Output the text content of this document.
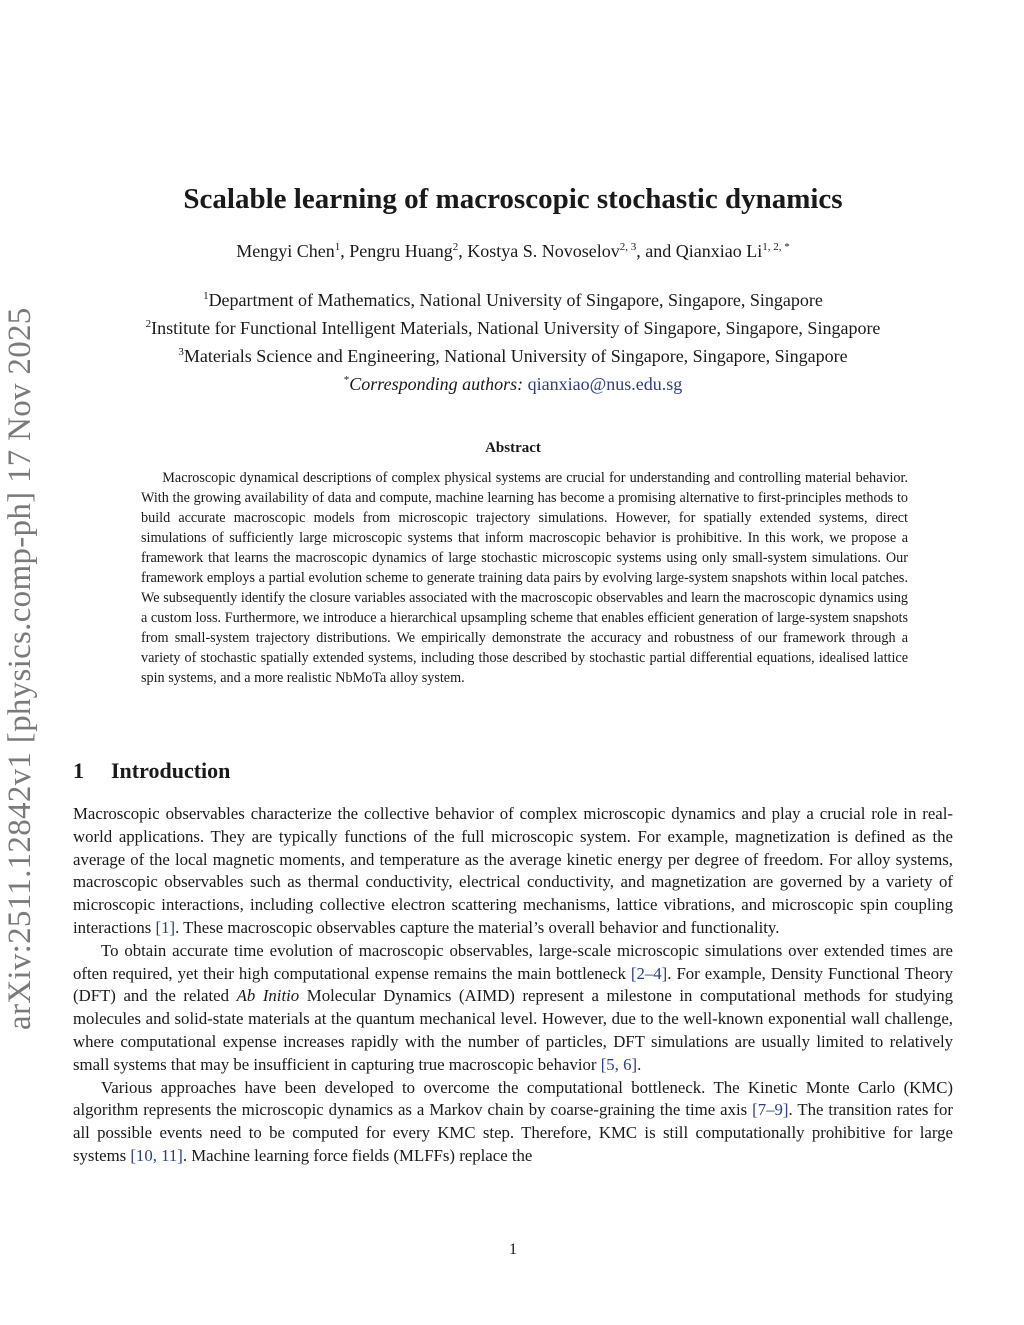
arXiv:2511.12842v1 [physics.comp-ph] 17 Nov 2025
Scalable learning of macroscopic stochastic dynamics
Mengyi Chen$^1$, Pengru Huang$^2$, Kostya S. Novoselov$^{2, 3}$, and Qianxiao $Li^{1, 2, *}$
$^1$Department of Mathematics, National University of Singapore, Singapore, Singapore
$^2$Institute for Functional Intelligent Materials, National University of Singapore, Singapore, Singapore
$^3$Materials Science and Engineering, National University of Singapore, Singapore, Singapore
*Corresponding authors: qianxiao@nus.edu.sg
Abstract

Macroscopic dynamical descriptions of complex physical systems are crucial for understanding and controlling material behavior. With the growing availability of data and compute, machine learning has become a promising alternative to first-principles methods to build accurate macroscopic models from microscopic trajectory simulations. However, for spatially extended systems, direct simulations of sufficiently large microscopic systems that inform macroscopic behavior is prohibitive. In this work, we propose a framework that learns the macroscopic dynamics of large stochastic microscopic systems using only small-system simulations. Our framework employs a partial evolution scheme to generate training data pairs by evolving large-system snapshots within local patches. We subsequently identify the closure variables associated with the macroscopic observables and learn the macroscopic dynamics using a custom loss. Furthermore, we introduce a hierarchical upsampling scheme that enables efficient generation of large-system snapshots from small-system trajectory distributions. We empirically demonstrate the accuracy and robustness of our framework through a variety of stochastic spatially extended systems, including those described by stochastic partial differential equations, idealised lattice spin systems, and a more realistic NbMoTa alloy system.

1 Introduction

Macroscopic observables characterize the collective behavior of complex microscopic dynamics and play a crucial role in real-world applications. They are typically functions of the full microscopic system. For example, magnetization is defined as the average of the local magnetic moments, and temperature as the average kinetic energy per degree of freedom. For alloy systems, macroscopic observables such as thermal conductivity, electrical conductivity, and magnetization are governed by a variety of microscopic interactions, including collective electron scattering mechanisms, lattice vibrations, and microscopic spin coupling interactions [1]. These macroscopic observables capture the material’s overall behavior and functionality.

To obtain accurate time evolution of macroscopic observables, large-scale microscopic simulations over extended times are often required, yet their high computational expense remains the main bottleneck [2–4]. For example, Density Functional Theory (DFT) and the related Ab Initio Molecular Dynamics (AIMD) represent a milestone in computational methods for studying molecules and solid-state materials at the quantum mechanical level. However, due to the well-known exponential wall challenge, where computational expense increases rapidly with the number of particles, DFT simulations are usually limited to relatively small systems that may be insufficient in capturing true macroscopic behavior [5, 6].

Various approaches have been developed to overcome the computational bottleneck. The Kinetic Monte Carlo (KMC) algorithm represents the microscopic dynamics as a Markov chain by coarse-graining the time axis [7–9]. The transition rates for all possible events need to be computed for every KMC step. Therefore, KMC is still computationally prohibitive for large systems [10, 11]. Machine learning force fields (MLFFs) replace the

1
